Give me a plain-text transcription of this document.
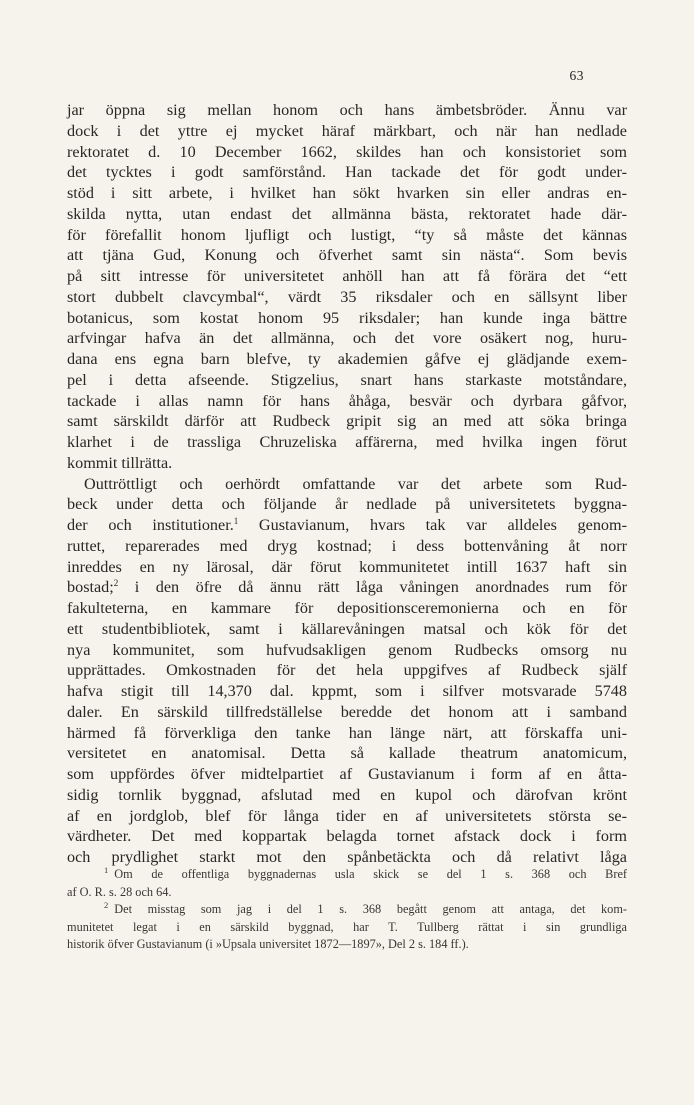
63
jar öppna sig mellan honom och hans ämbetsbröder. Ännu var
dock i det yttre ej mycket häraf märkbart, och när han nedlade
rektoratet d. 10 December 1662, skildes han och konsistoriet som
det tycktes i godt samförstånd. Han tackade det för godt under-
stöd i sitt arbete, i hvilket han sökt hvarken sin eller andras en-
skilda nytta, utan endast det allmänna bästa, rektoratet hade där-
för förefallit honom ljufligt och lustigt, “ty så måste det kännas
att tjäna Gud, Konung och öfverhet samt sin nästa“. Som bevis
på sitt intresse för universitetet anhöll han att få förära det “ett
stort dubbelt clavcymbal“, värdt 35 riksdaler och en sällsynt liber
botanicus, som kostat honom 95 riksdaler; han kunde inga bättre
arfvingar hafva än det allmänna, och det vore osäkert nog, huru-
dana ens egna barn blefve, ty akademien gåfve ej glädjande exem-
pel i detta afseende. Stigzelius, snart hans starkaste motståndare,
tackade i allas namn för hans åhåga, besvär och dyrbara gåfvor,
samt särskildt därför att Rudbeck gripit sig an med att söka bringa
klarhet i de trassliga Chruzeliska affärerna, med hvilka ingen förut
kommit tillrätta.
Outtröttligt och oerhördt omfattande var det arbete som Rud-
beck under detta och följande år nedlade på universitetets byggna-
der och institutioner.$^1$ Gustavianum, hvars tak var alldeles genom-
ruttet, reparerades med dryg kostnad; i dess bottenvåning åt norr
inreddes en ny lärosal, där förut kommunitetet intill 1637 haft sin
bostad;$^2$ i den öfre då ännu rätt låga våningen anordnades rum för
fakulteterna, en kammare för depositionsceremonierna och en för
ett studentbibliotek, samt i källarevåningen matsal och kök för det
nya kommunitet, som hufvudsakligen genom Rudbecks omsorg nu
upprättades. Omkostnaden för det hela uppgifves af Rudbeck själf
hafva stigit till 14,370 dal. kppmt, som i silfver motsvarade 5748
daler. En särskild tillfredställelse beredde det honom att i samband
härmed få förverkliga den tanke han länge närt, att förskaffa uni-
versitetet en anatomisal. Detta så kallade theatrum anatomicum,
som uppfördes öfver midtelpartiet af Gustavianum i form af en åtta-
sidig tornlik byggnad, afslutad med en kupol och därofvan krönt
af en jordglob, blef för långa tider en af universitetets största se-
värdheter. Det med koppartak belagda tornet afstack dock i form
och prydlighet starkt mot den spånbetäckta och då relativt låga
$^1$ Om de offentliga byggnadernas usla skick se del 1 s. 368 och Bref
af O. R. s. 28 och 64.
$^2$ Det misstag som jag i del 1 s. 368 begått genom att antaga, det kom-
munitetet legat i en särskild byggnad, har T. Tullberg rättat i sin grundliga
historik öfver Gustavianum (i »Upsala universitet 1872—1897», Del 2 s. 184 ff.).
